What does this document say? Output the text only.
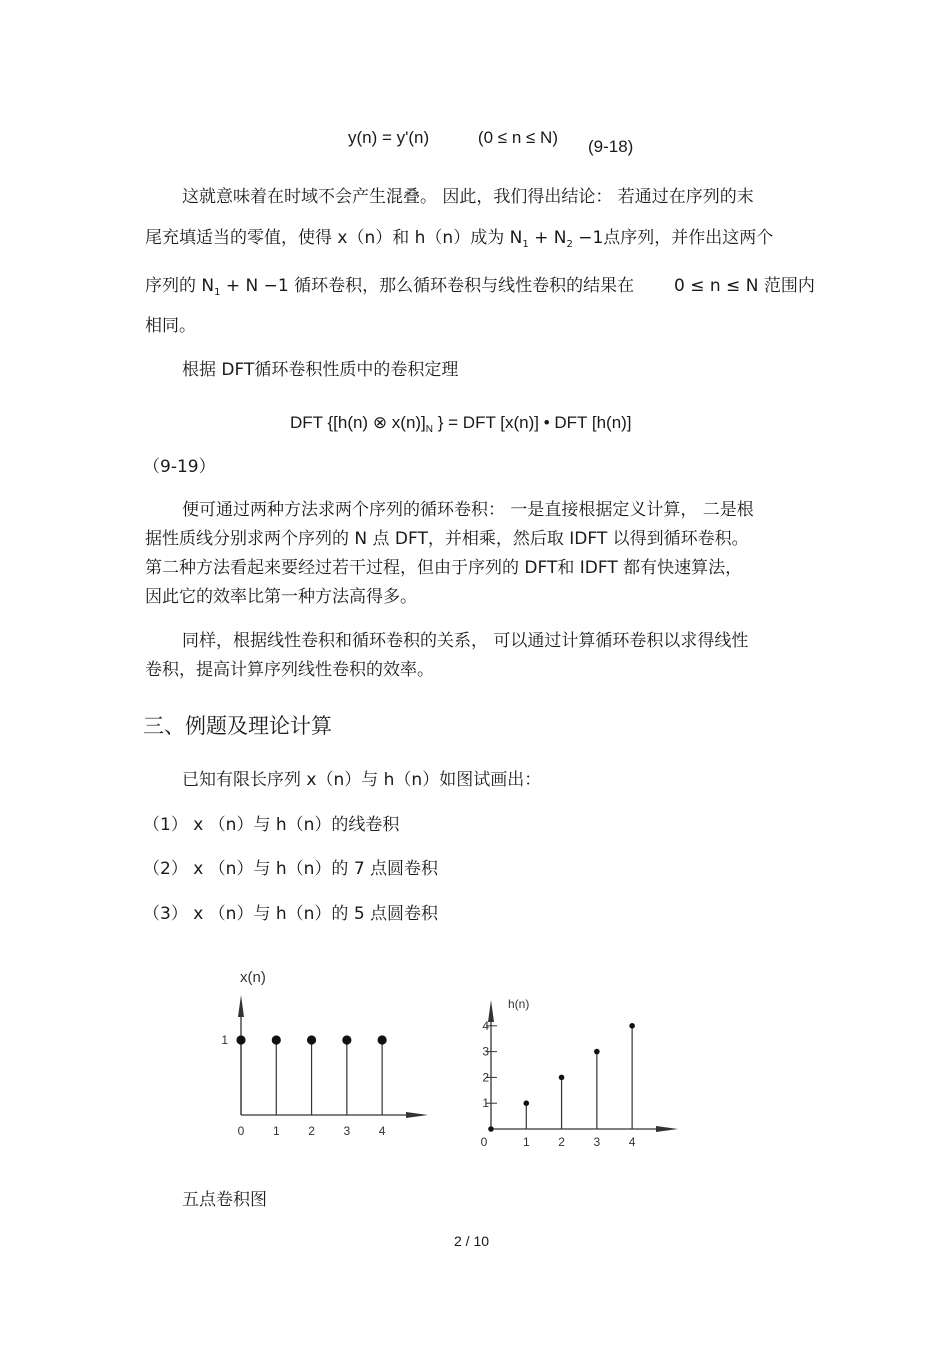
y(n) = y'(n)	(0 ≤ n ≤ N) (9-18)
这就意味着在时域不会产生混叠。 因此，我们得出结论： 若通过在序列的末
尾充填适当的零值，使得 x（n）和 h（n）成为 $N_1 + N_2 -1$点序列，并作出这两个
序列的 $N_1 + N -1$ 循环卷积，那么循环卷积与线性卷积的结果在 0 ≤ n ≤ N 范围内
相同。
根据 DFT循环卷积性质中的卷积定理
DFT {[h(n) ⊗ $x(n)]_N$ } = DFT [x(n)] • DFT [h(n)]
（9-19）
便可通过两种方法求两个序列的循环卷积： 一是直接根据定义计算， 二是根
据性质线分别求两个序列的 N 点 DFT，并相乘，然后取 IDFT 以得到循环卷积。
第二种方法看起来要经过若干过程，但由于序列的 DFT和 IDFT 都有快速算法，
因此它的效率比第一种方法高得多。
同样，根据线性卷积和循环卷积的关系， 可以通过计算循环卷积以求得线性
卷积，提高计算序列线性卷积的效率。
三、例题及理论计算
已知有限长序列 x（n）与 h（n）如图试画出：
（1） x （n）与 h（n）的线卷积
（2） x （n）与 h（n）的 7 点圆卷积
（3） x （n）与 h（n）的 5 点圆卷积
x(n)
1
0 1 2 3 4
h(n)
1
2
3
4
1 2 3 4
0
五点卷积图
2 / 10
